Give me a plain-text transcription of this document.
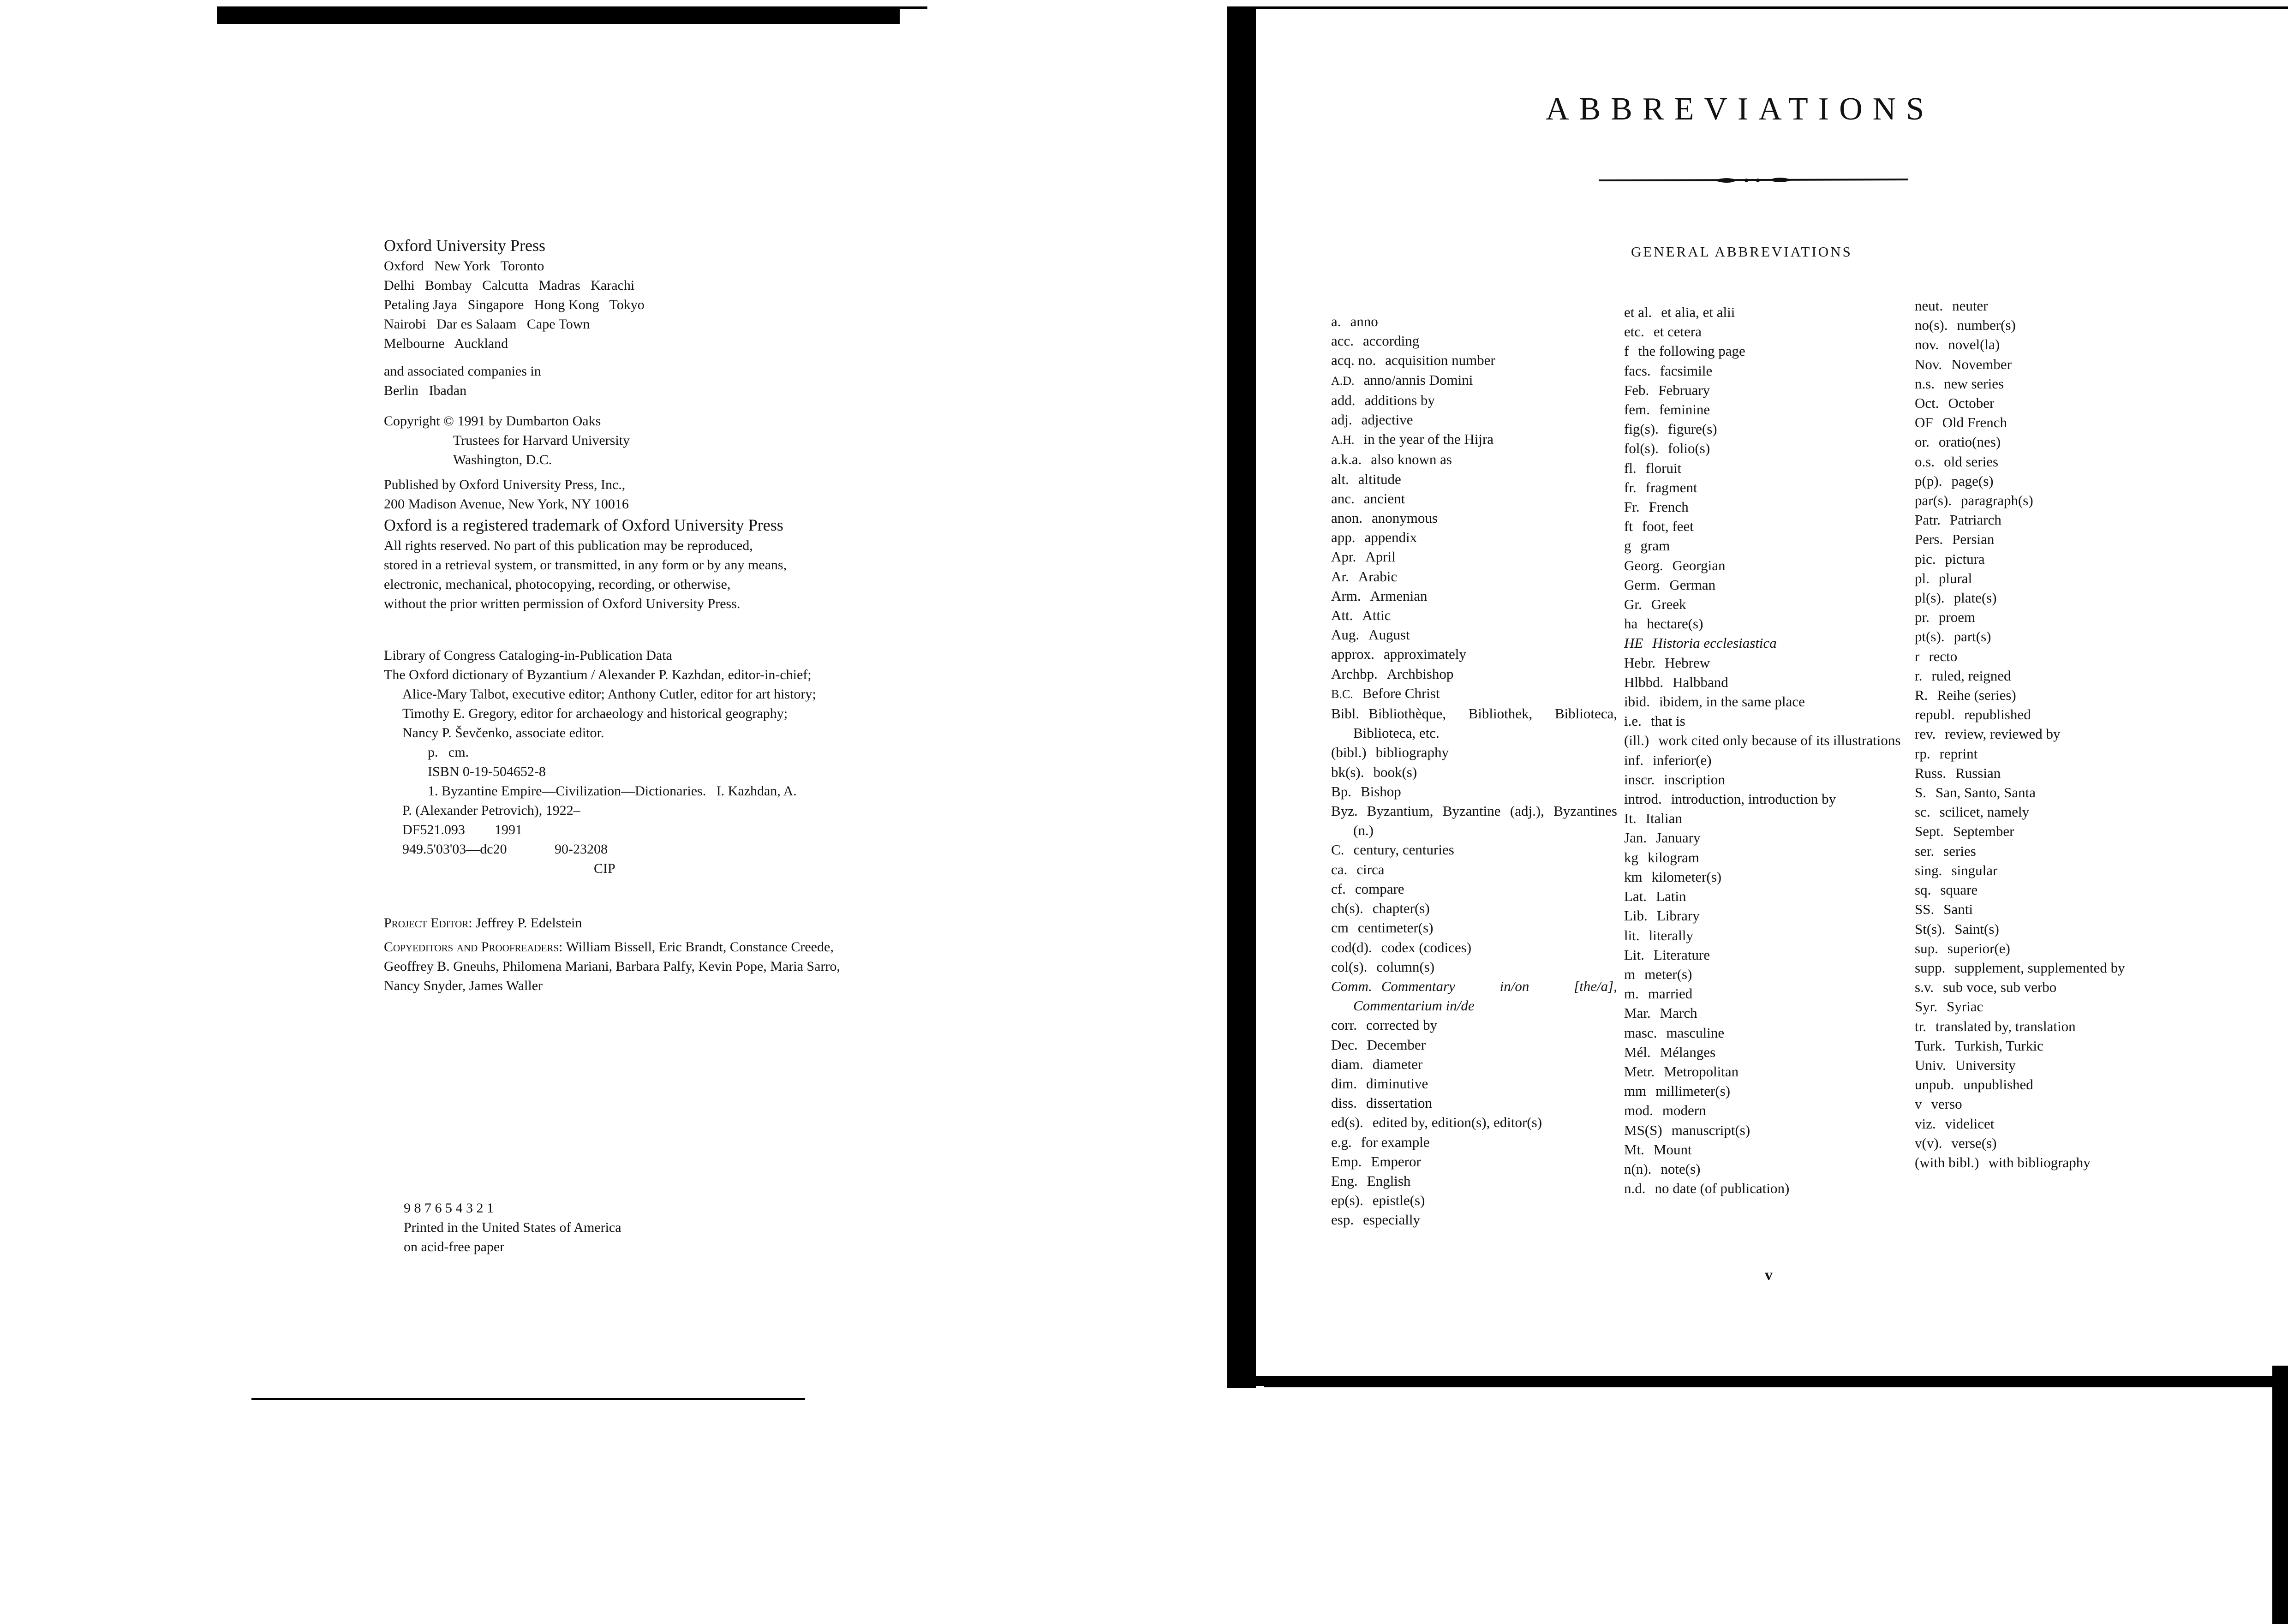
Oxford University Press

Oxford   New York   Toronto

Delhi   Bombay   Calcutta   Madras   Karachi

Petaling Jaya   Singapore   Hong Kong   Tokyo

Nairobi   Dar es Salaam   Cape Town

Melbourne   Auckland

and associated companies in

Berlin   Ibadan

Copyright © 1991 by Dumbarton Oaks

Trustees for Harvard University

Washington, D.C.

Published by Oxford University Press, Inc.,

200 Madison Avenue, New York, NY 10016

Oxford is a registered trademark of Oxford University Press

All rights reserved. No part of this publication may be reproduced,

stored in a retrieval system, or transmitted, in any form or by any means,

electronic, mechanical, photocopying, recording, or otherwise,

without the prior written permission of Oxford University Press.

Library of Congress Cataloging-in-Publication Data

The Oxford dictionary of Byzantium / Alexander P. Kazhdan, editor-in-chief;

Alice-Mary Talbot, executive editor; Anthony Cutler, editor for art history;

Timothy E. Gregory, editor for archaeology and historical geography;

Nancy P. Ševčenko, associate editor.

p.   cm.

ISBN 0-19-504652-8

1. Byzantine Empire—Civilization—Dictionaries.   I. Kazhdan, A.

P. (Alexander Petrovich), 1922–

DF521.093	1991

949.5'03'03—dc20	90-23208

CIP

Project Editor: Jeffrey P. Edelstein

Copyeditors and Proofreaders: William Bissell, Eric Brandt, Constance Creede,

Geoffrey B. Gneuhs, Philomena Mariani, Barbara Palfy, Kevin Pope, Maria Sarro,

Nancy Snyder, James Waller

9 8 7 6 5 4 3 2 1

Printed in the United States of America

on acid-free paper

ABBREVIATIONS
GENERAL ABBREVIATIONS
a. anno
acc. according
acq. no. acquisition number
A.D. anno/annis Domini
add. additions by
adj. adjective
A.H. in the year of the Hijra
a.k.a. also known as
alt. altitude
anc. ancient
anon. anonymous
app. appendix
Apr. April
Ar. Arabic
Arm. Armenian
Att. Attic
Aug. August
approx. approximately
Archbp. Archbishop
B.C. Before Christ
Bibl. Bibliothèque, Bibliothek, Biblioteca, Biblioteca, etc.
(bibl.) bibliography
bk(s). book(s)
Bp. Bishop
Byz. Byzantium, Byzantine (adj.), Byzantines (n.)
C. century, centuries
ca. circa
cf. compare
ch(s). chapter(s)
cm centimeter(s)
cod(d). codex (codices)
col(s). column(s)
Comm. Commentary in/on [the/a], Commentarium in/de
corr. corrected by
Dec. December
diam. diameter
dim. diminutive
diss. dissertation
ed(s). edited by, edition(s), editor(s)
e.g. for example
Emp. Emperor
Eng. English
ep(s). epistle(s)
esp. especially
et al. et alia, et alii
etc. et cetera
f the following page
facs. facsimile
Feb. February
fem. feminine
fig(s). figure(s)
fol(s). folio(s)
fl. floruit
fr. fragment
Fr. French
ft foot, feet
g gram
Georg. Georgian
Germ. German
Gr. Greek
ha hectare(s)
HE Historia ecclesiastica
Hebr. Hebrew
Hlbbd. Halbband
ibid. ibidem, in the same place
i.e. that is
(ill.) work cited only because of its illustrations
inf. inferior(e)
inscr. inscription
introd. introduction, introduction by
It. Italian
Jan. January
kg kilogram
km kilometer(s)
Lat. Latin
Lib. Library
lit. literally
Lit. Literature
m meter(s)
m. married
Mar. March
masc. masculine
Mél. Mélanges
Metr. Metropolitan
mm millimeter(s)
mod. modern
MS(S) manuscript(s)
Mt. Mount
n(n). note(s)
n.d. no date (of publication)
neut. neuter
no(s). number(s)
nov. novel(la)
Nov. November
n.s. new series
Oct. October
OF Old French
or. oratio(nes)
o.s. old series
p(p). page(s)
par(s). paragraph(s)
Patr. Patriarch
Pers. Persian
pic. pictura
pl. plural
pl(s). plate(s)
pr. proem
pt(s). part(s)
r recto
r. ruled, reigned
R. Reihe (series)
republ. republished
rev. review, reviewed by
rp. reprint
Russ. Russian
S. San, Santo, Santa
sc. scilicet, namely
Sept. September
ser. series
sing. singular
sq. square
SS. Santi
St(s). Saint(s)
sup. superior(e)
supp. supplement, supplemented by
s.v. sub voce, sub verbo
Syr. Syriac
tr. translated by, translation
Turk. Turkish, Turkic
Univ. University
unpub. unpublished
v verso
viz. videlicet
v(v). verse(s)
(with bibl.) with bibliography
v
